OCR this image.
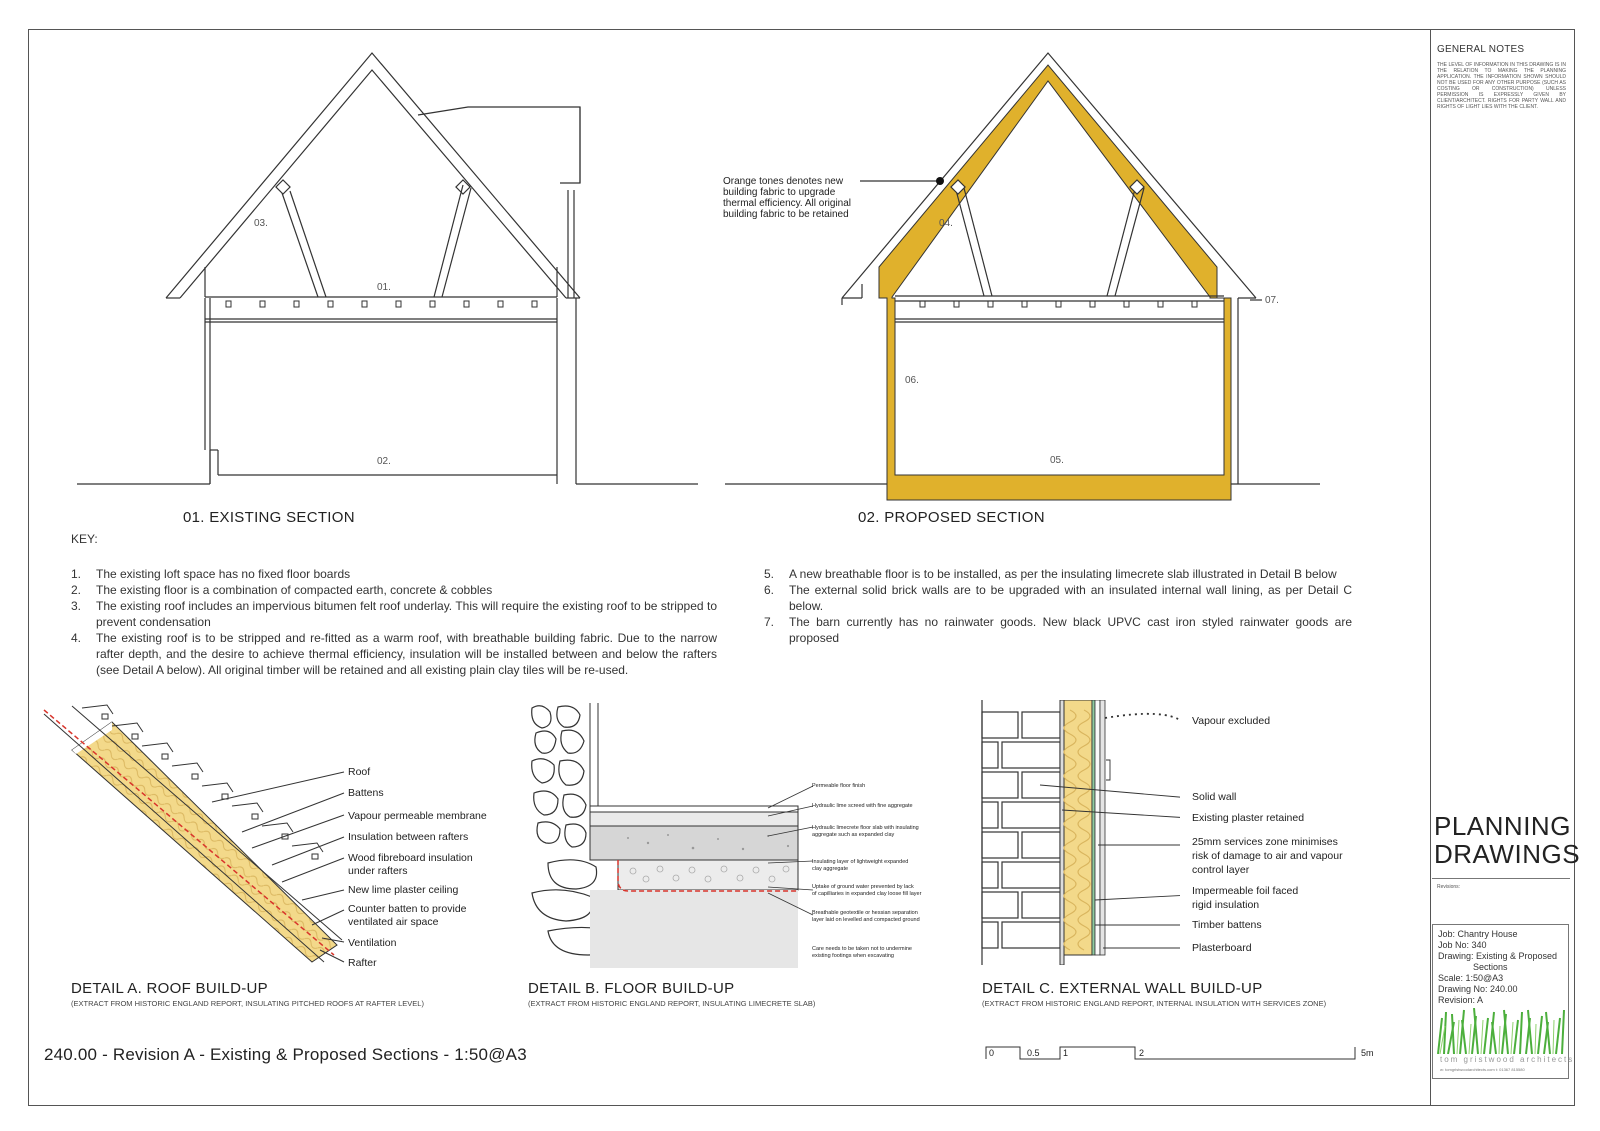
GENERAL NOTES
THE LEVEL OF INFORMATION IN THIS DRAWING IS IN THE RELATION TO MAKING THE PLANNING APPLICATION. THE INFORMATION SHOWN SHOULD NOT BE USED FOR ANY OTHER PURPOSE (SUCH AS COSTING OR CONSTRUCTION) UNLESS PERMISSION IS EXPRESSLY GIVEN BY CLIENT/ARCHITECT. RIGHTS FOR PARTY WALL AND RIGHTS OF LIGHT LIES WITH THE CLIENT.
PLANNING
DRAWINGS
Revisions:
Job: Chantry House
Job No: 340
Drawing: Existing & Proposed
Sections
Scale: 1:50@A3
Drawing No: 240.00
Revision: A
tom gristwood architects
w: tomgristwoodarchitects.com t: 01367 815580
03.
01.
02.
01. EXISTING SECTION
Orange tones denotes new building fabric to upgrade thermal efficiency. All original building fabric to be retained
04.
06.
05.
07.
02. PROPOSED SECTION
KEY:
1.	The existing loft space has no fixed floor boards
2.	The existing floor is a combination of compacted earth, concrete & cobbles
3.	The existing roof includes an impervious bitumen felt roof underlay. This will require the existing roof to be stripped to prevent condensation
4.	The existing roof is to be stripped and re-fitted as a warm roof, with breathable building fabric. Due to the narrow rafter depth, and the desire to achieve thermal efficiency, insulation will be installed between and below the rafters (see Detail A below). All original timber will be retained and all existing plain clay tiles will be re-used.
5.	A new breathable floor is to be installed, as per the insulating limecrete slab illustrated in Detail B below
6.	The external solid brick walls are to be upgraded with an insulated internal wall lining, as per Detail C below.
7.	The barn currently has no rainwater goods. New black UPVC cast iron styled rainwater goods are proposed
Roof
Battens
Vapour permeable membrane
Insulation between rafters
Wood fibreboard insulation
under rafters
New lime plaster ceiling
Counter batten to provide
ventilated air space
Ventilation
Rafter
DETAIL A. ROOF BUILD-UP
(EXTRACT FROM HISTORIC ENGLAND REPORT, INSULATING PITCHED ROOFS AT RAFTER LEVEL)
Permeable floor finish
Hydraulic lime screed with fine aggregate
Hydraulic limecrete floor slab with insulating
aggregate such as expanded clay
Insulating layer of lightweight expanded
clay aggregate
Uptake of ground water prevented by lack
of capilliaries in expanded clay loose fill layer
Breathable geotextile or hessian separation
layer laid on levelled and compacted ground
Care needs to be taken not to undermine
existing footings when excavating
DETAIL B. FLOOR BUILD-UP
(EXTRACT FROM HISTORIC ENGLAND REPORT, INSULATING LIMECRETE SLAB)
Vapour excluded
Solid wall
Existing plaster retained
25mm services zone minimises
risk of damage to air and vapour
control layer
Impermeable foil faced
rigid insulation
Timber battens
Plasterboard
DETAIL C. EXTERNAL WALL BUILD-UP
(EXTRACT FROM HISTORIC ENGLAND REPORT, INTERNAL INSULATION WITH SERVICES ZONE)
240.00 - Revision A - Existing & Proposed Sections - 1:50@A3	0	0.5	1	2	5m
